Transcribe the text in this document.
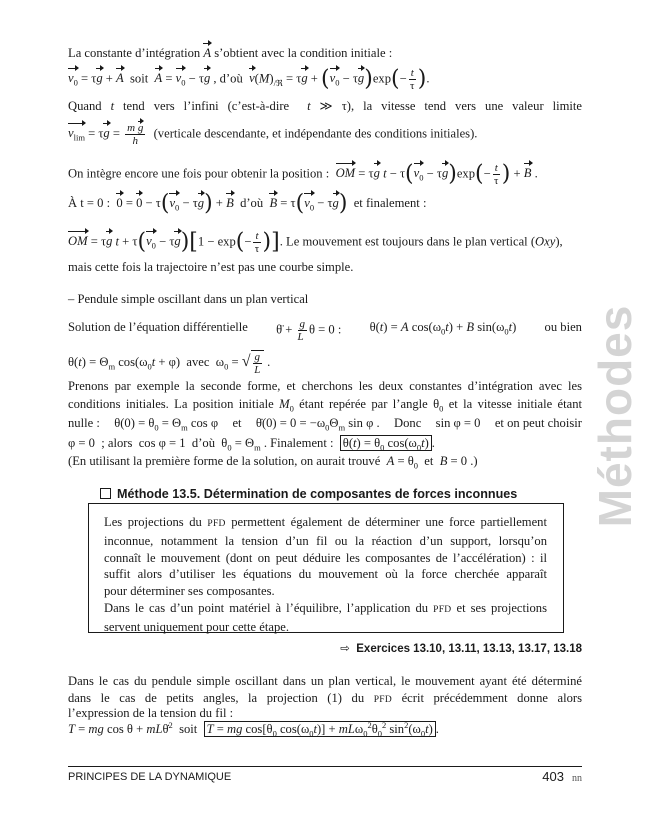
La constante d’intégration A s’obtient avec la condition initiale :

$v_0 = \tau g + A$  soit  $A = v_0 - \tau g$ , d’où  $v(M)_{/ℜ} = \tau g + (v_0 - \tau g)\exp(- \frac{t}{\tau}$ ).

Quand t tend vers l’infini (c’est-à-dire  t ≫ τ), la vitesse tend vers une valeur limite

$v_{lim} = \tau g = \frac{\text{m g}}{h}$ (verticale descendante, et indépendante des conditions initiales).
On intègre encore une fois pour obtenir la position : OM = τg $t - \tau(v_0 - \tau g)\exp(- \frac{t}{\tau}$ ) + B .
À t = 0 : $0 = 0 - \tau(v_0 - \tau g) + B$ d’où $B = \tau(v_0 - \tau g)$ et finalement :
OM = τg $t + \tau(v_0 - \tau g)[1 - \exp(- \frac{t}{\tau}$ )]. Le mouvement est toujours dans le plan vertical (Oxy),

mais cette fois la trajectoire n’est pas une courbe simple.

– Pendule simple oscillant dans un plan vertical

Solution de l’équation différentielle θ̈ + $\frac{g}{L}$ θ = 0 : θ(t) = A $\cos(\omega_0t) + B$ $\sin(\omega_0t)$ ou bien
$\theta(t) = \Theta_m$ $\cos(\omega_0t + \varphi)$  avec  $\omega_0$ = √ $\frac{g}{L}$ .

Prenons par exemple la seconde forme, et cherchons les deux constantes d’intégration avec les

conditions initiales. La position initiale $M_0$ étant repérée par l’angle $\theta_0$ et la vitesse initiale étant

nulle : $\theta(0) = \theta_0 = \Theta_m$ cos φ et θ̇(0) = $0 = -\omega_0\Theta_m$ sin φ . Donc sin φ = 0 et on peut choisir
φ = 0  ; alors  cos φ = 1  d’où  $\theta_0 = \Theta_m$ . Finalement : $\theta(t) = \theta_0$ $\cos(\omega_0t)$ .
(En utilisant la première forme de la solution, on aurait trouvé $A = \theta_0$ et B = 0 .)
Méthode 13.5. Détermination de composantes de forces inconnues
Les projections du PFD permettent également de déterminer une force partiellement
inconnue, notamment la tension d’un fil ou la réaction d’un support, lorsqu’on
connaît le mouvement (dont on peut déduire les composantes de l’accélération) : il
suffit alors d’utiliser les équations du mouvement où la force cherchée apparaît
pour déterminer ses composantes.
Dans le cas d’un point matériel à l’équilibre, l’application du PFD et ses projections
servent uniquement pour cette étape.
⇨ Exercices 13.10, 13.11, 13.13, 13.17, 13.18

Dans le cas du pendule simple oscillant dans un plan vertical, le mouvement ayant été déterminé

dans le cas de petits angles, la projection (1) du PFD écrit précédemment donne alors

l’expression de la tension du fil :

T = mg cos θ + mLθ̇$^2$ soit T = mg $\cos[\theta_0$ $\cos(\omega_0t)] + mL\omega_0^2\theta_0^2$ $\sin^2(\omega_0t)$ .
Méthodes
PRINCIPES DE LA DYNAMIQUE	403 nn
